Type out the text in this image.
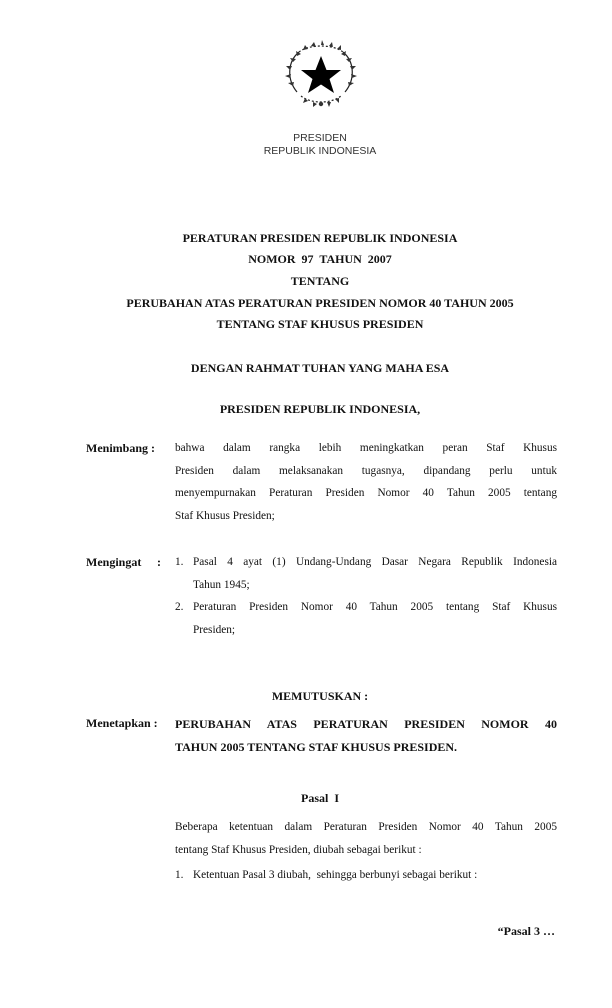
PRESIDEN
REPUBLIK INDONESIA
PERATURAN PRESIDEN REPUBLIK INDONESIA
NOMOR  97  TAHUN  2007
TENTANG
PERUBAHAN ATAS PERATURAN PRESIDEN NOMOR 40 TAHUN 2005
TENTANG STAF KHUSUS PRESIDEN
DENGAN RAHMAT TUHAN YANG MAHA ESA
PRESIDEN REPUBLIK INDONESIA,
Menimbang : bahwa dalam rangka lebih meningkatkan peran Staf Khusus
Presiden dalam melaksanakan tugasnya, dipandang perlu untuk
menyempurnakan Peraturan Presiden Nomor 40 Tahun 2005 tentang
Staf Khusus Presiden;
Mengingat : 1. Pasal 4 ayat (1) Undang-Undang Dasar Negara Republik Indonesia
Tahun 1945;
2. Peraturan Presiden Nomor 40 Tahun 2005 tentang Staf Khusus
Presiden;
MEMUTUSKAN :
Menetapkan : PERUBAHAN ATAS PERATURAN PRESIDEN NOMOR 40
TAHUN 2005 TENTANG STAF KHUSUS PRESIDEN.
Pasal  I
Beberapa ketentuan dalam Peraturan Presiden Nomor 40 Tahun 2005
tentang Staf Khusus Presiden, diubah sebagai berikut :
1. Ketentuan Pasal 3 diubah,  sehingga berbunyi sebagai berikut :
“Pasal 3 …
